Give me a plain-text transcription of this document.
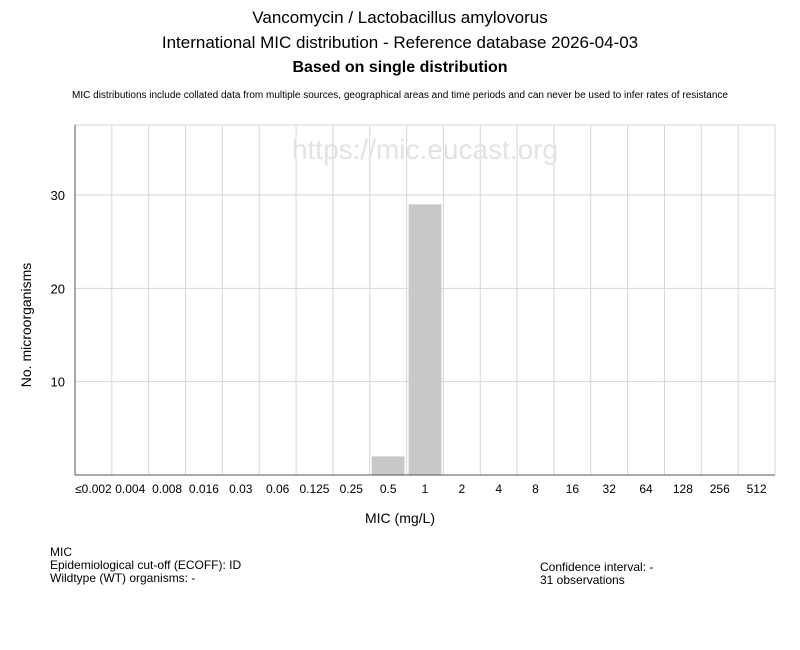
Vancomycin / Lactobacillus amylovorus
International MIC distribution - Reference database 2026-04-03
Based on single distribution
MIC distributions include collated data from multiple sources, geographical areas and time periods and can never be used to infer rates of resistance
10
20
30
https://mic.eucast.org
≤0.002 0.004 0.008 0.016 0.03 0.06 0.125 0.25 0.5 1	2	4	8 16 32 64 128 256 512
MIC (mg/L)
No. microorganisms
MIC
Epidemiological cut-off (ECOFF): ID
Wildtype (WT) organisms: -
Confidence interval: -
31 observations
